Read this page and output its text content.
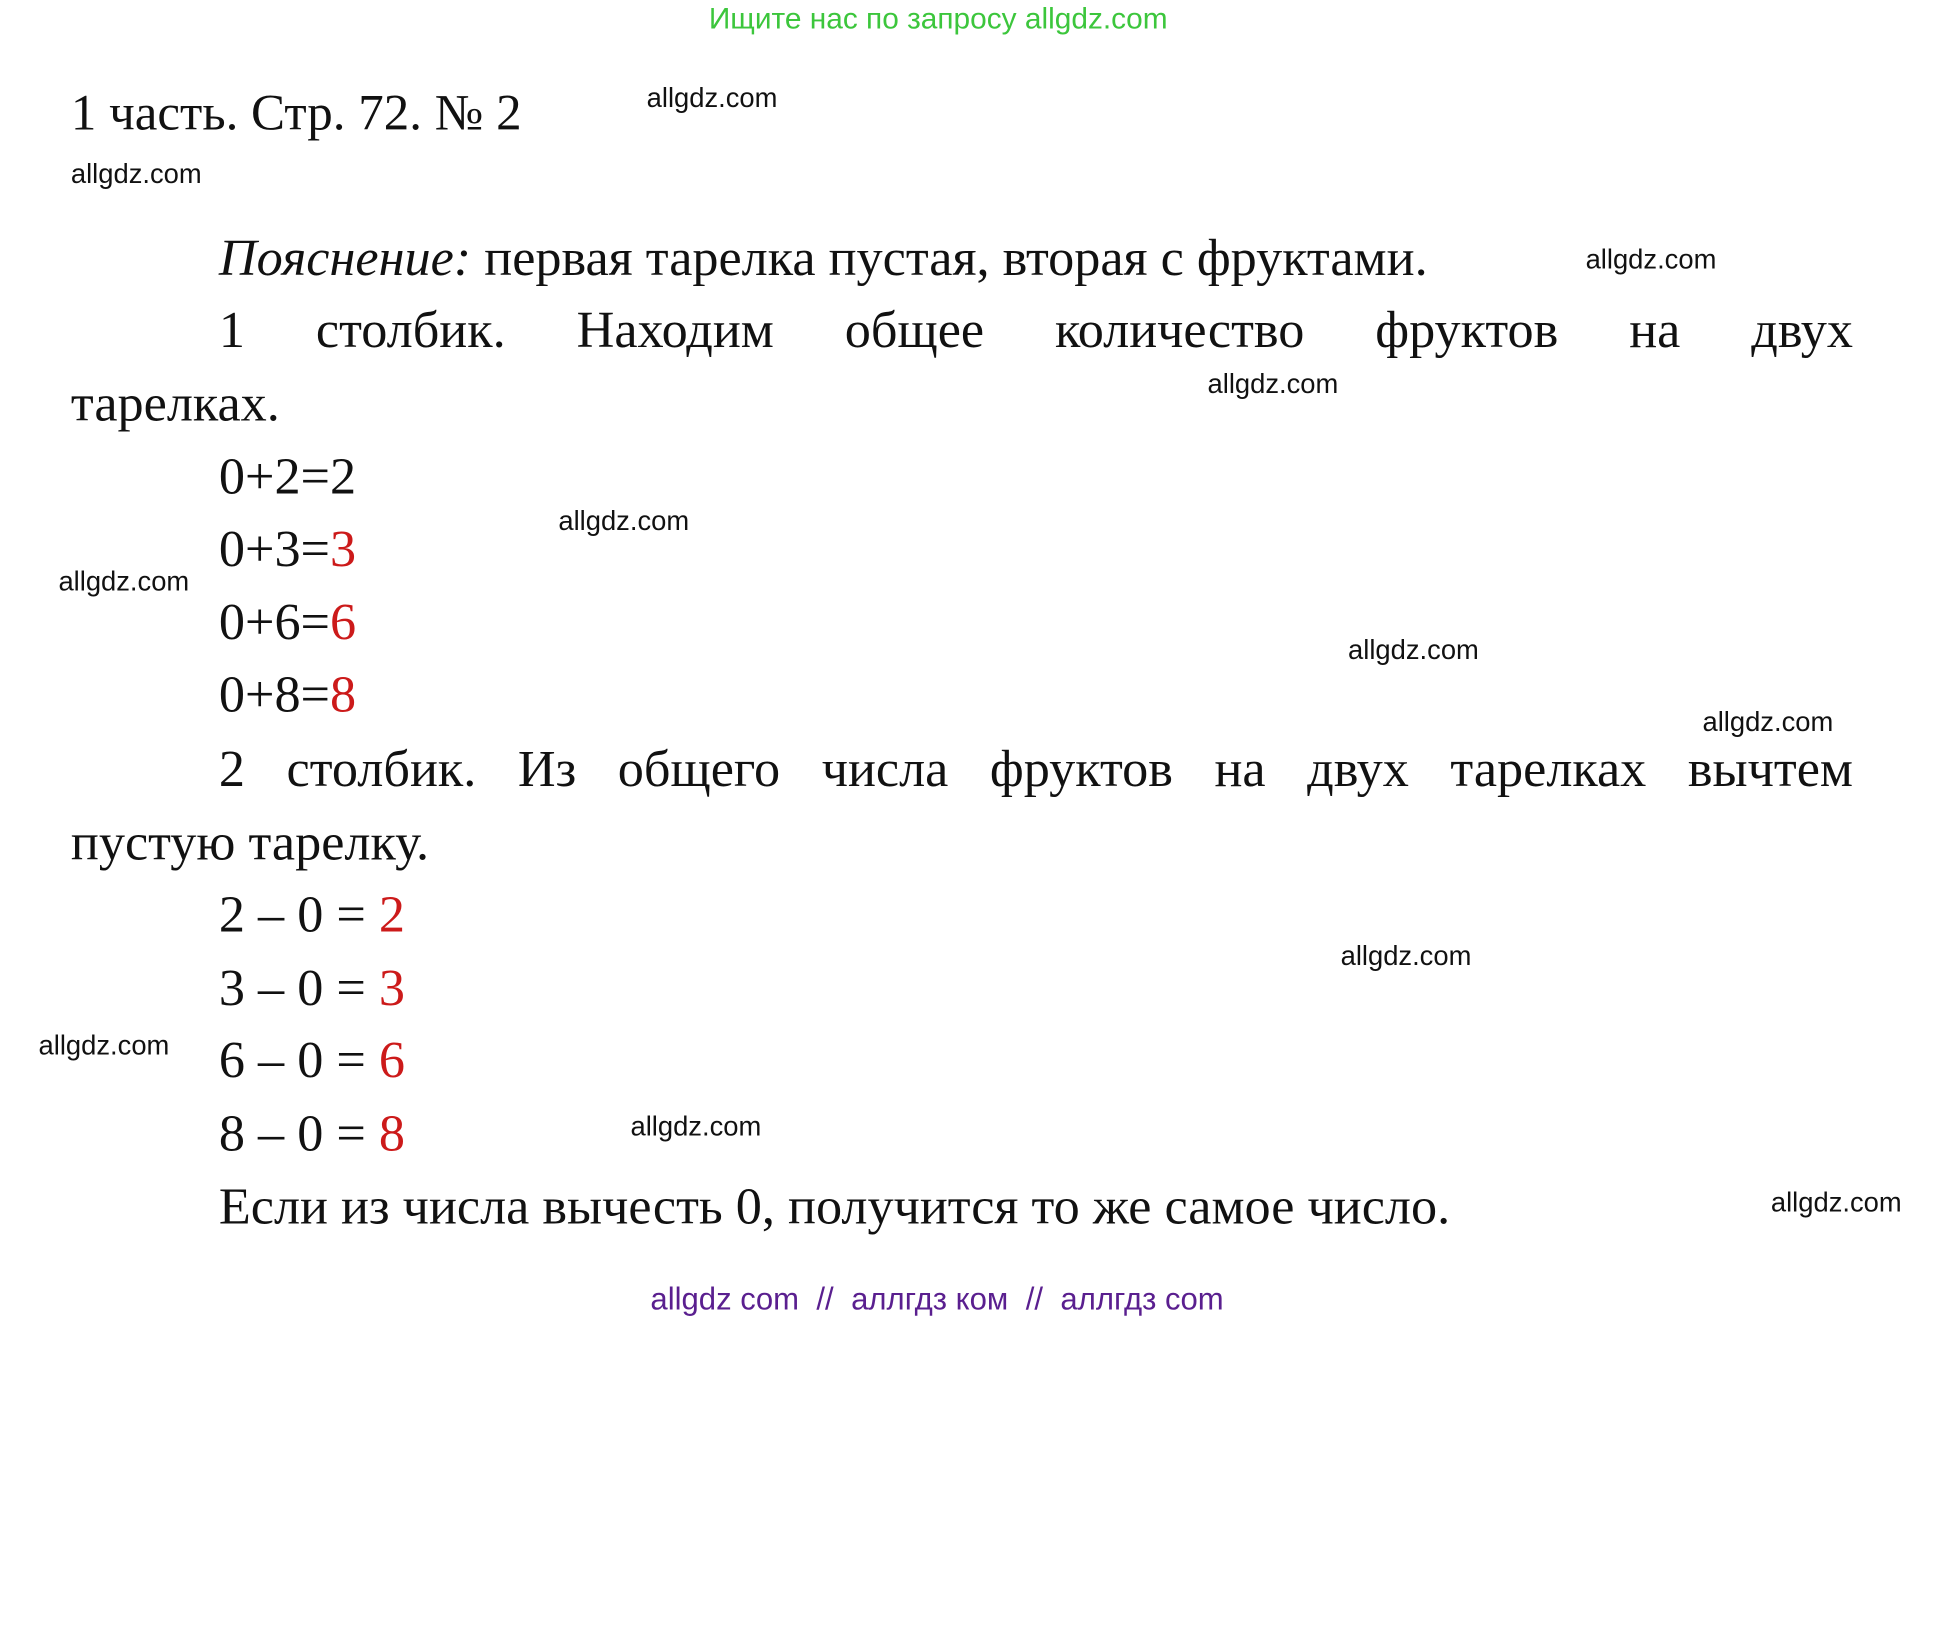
Ищите нас по запросу allgdz.com
1 часть. Стр. 72. № 2
Пояснение: первая тарелка пустая, вторая с фруктами.
1 столбик. Находим общее количество фруктов на двух
тарелках.
0+2=2
0+3=3
0+6=6
0+8=8
2 столбик. Из общего числа фруктов на двух тарелках вычтем
пустую тарелку.
2 – 0 = 2
3 – 0 = 3
6 – 0 = 6
8 – 0 = 8
Если из числа вычесть 0, получится то же самое число.
allgdz.com
allgdz.com
allgdz.com
allgdz.com
allgdz.com
allgdz.com
allgdz.com
allgdz.com
allgdz.com
allgdz.com
allgdz.com
allgdz.com
allgdz com // аллгдз ком // аллгдз com
